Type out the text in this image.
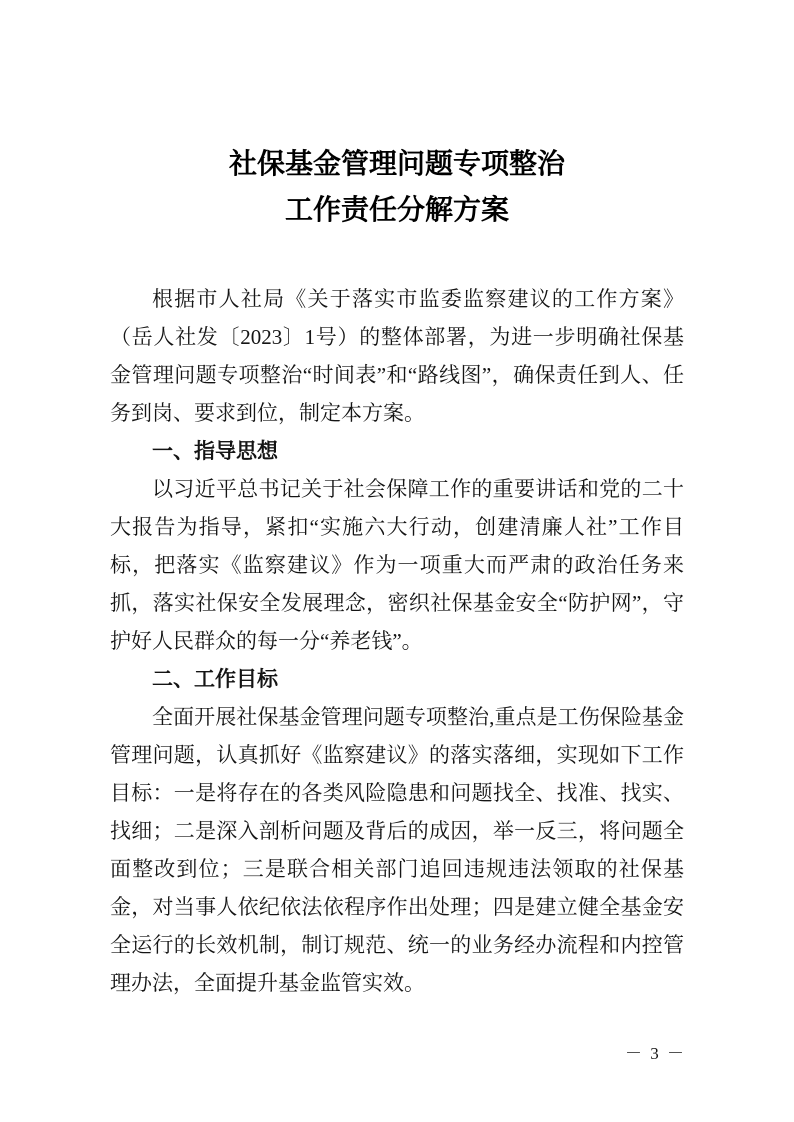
社保基金管理问题专项整治
工作责任分解方案

根据市人社局《关于落实市监委监察建议的工作方案》（岳人社发〔2023〕1号）的整体部署，为进一步明确社保基金管理问题专项整治“时间表”和“路线图”，确保责任到人、任务到岗、要求到位，制定本方案。

一、指导思想

以习近平总书记关于社会保障工作的重要讲话和党的二十大报告为指导，紧扣“实施六大行动，创建清廉人社”工作目标，把落实《监察建议》作为一项重大而严肃的政治任务来抓，落实社保安全发展理念，密织社保基金安全“防护网”，守护好人民群众的每一分“养老钱”。

二、工作目标

全面开展社保基金管理问题专项整治,重点是工伤保险基金管理问题，认真抓好《监察建议》的落实落细，实现如下工作目标：一是将存在的各类风险隐患和问题找全、找准、找实、找细；二是深入剖析问题及背后的成因，举一反三，将问题全面整改到位；三是联合相关部门追回违规违法领取的社保基金，对当事人依纪依法依程序作出处理；四是建立健全基金安全运行的长效机制，制订规范、统一的业务经办流程和内控管理办法，全面提升基金监管实效。

－ 3 －
